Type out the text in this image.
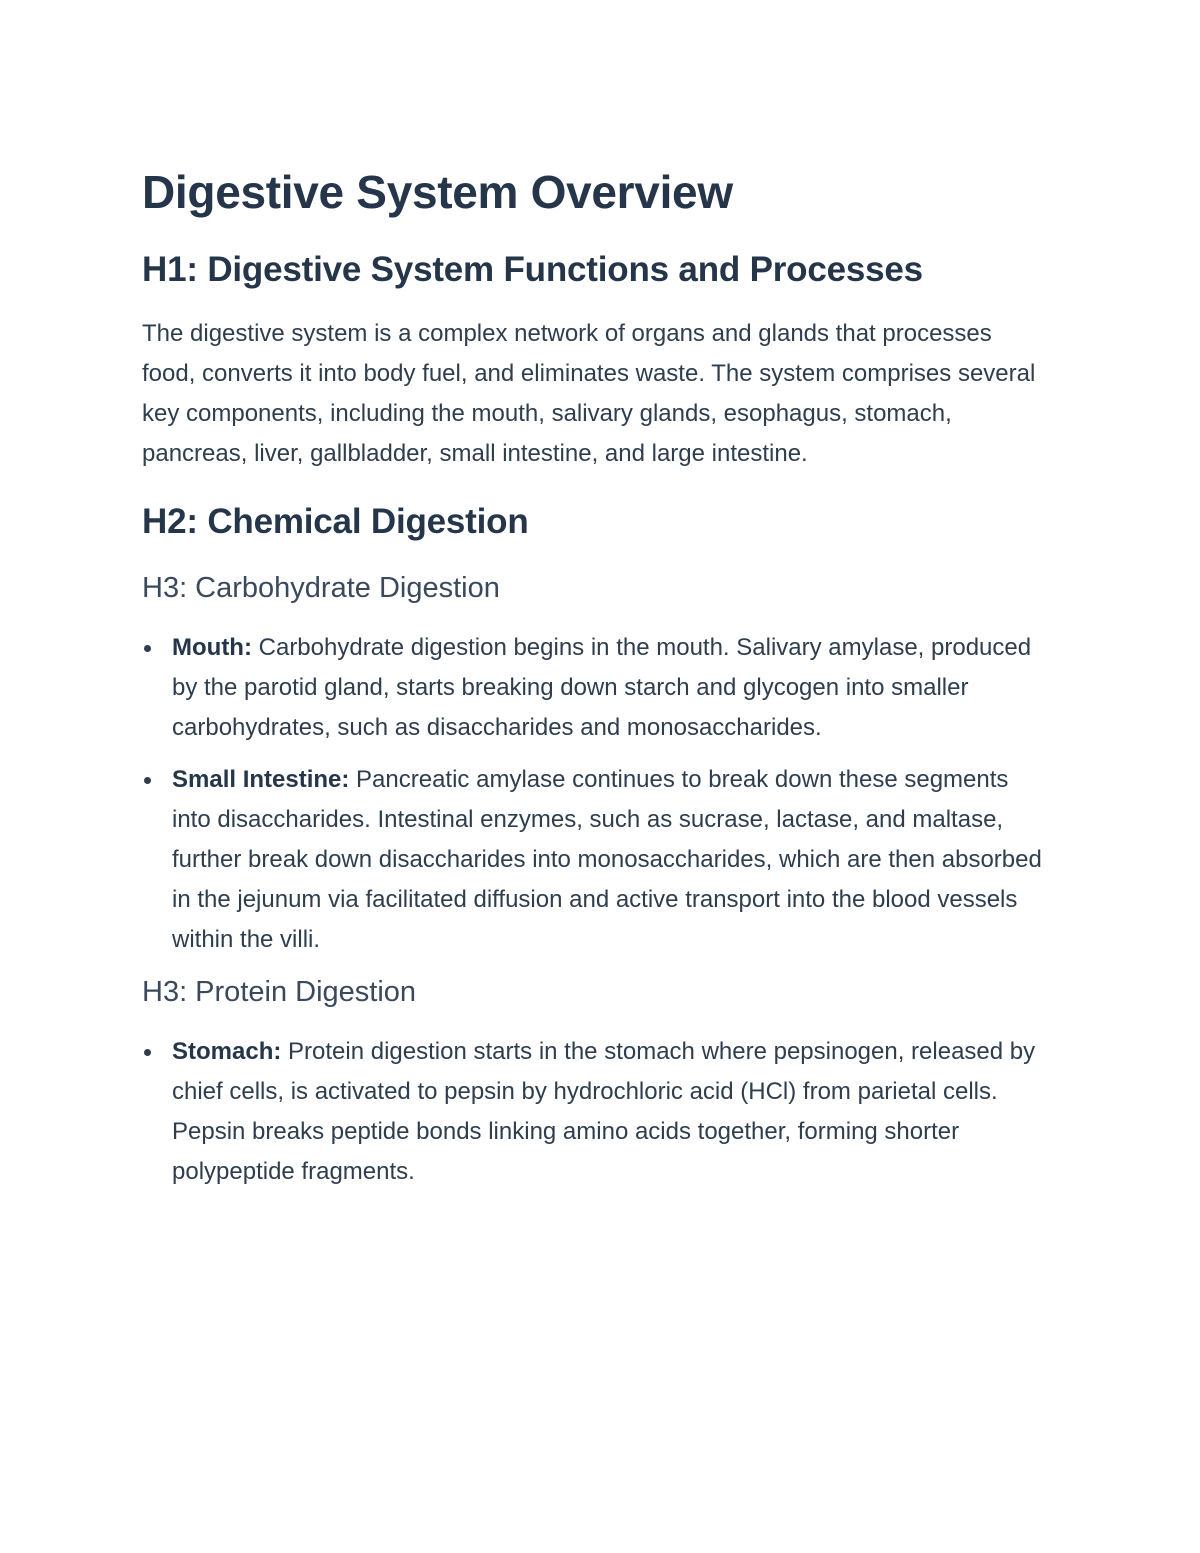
Digestive System Overview
H1: Digestive System Functions and Processes

The digestive system is a complex network of organs and glands that processes food, converts it into body fuel, and eliminates waste. The system comprises several key components, including the mouth, salivary glands, esophagus, stomach, pancreas, liver, gallbladder, small intestine, and large intestine.

H2: Chemical Digestion
H3: Carbohydrate Digestion
Mouth: Carbohydrate digestion begins in the mouth. Salivary amylase, produced by the parotid gland, starts breaking down starch and glycogen into smaller carbohydrates, such as disaccharides and monosaccharides.
Small Intestine: Pancreatic amylase continues to break down these segments into disaccharides. Intestinal enzymes, such as sucrase, lactase, and maltase, further break down disaccharides into monosaccharides, which are then absorbed in the jejunum via facilitated diffusion and active transport into the blood vessels within the villi.
H3: Protein Digestion
Stomach: Protein digestion starts in the stomach where pepsinogen, released by chief cells, is activated to pepsin by hydrochloric acid (HCl) from parietal cells. Pepsin breaks peptide bonds linking amino acids together, forming shorter polypeptide fragments.
